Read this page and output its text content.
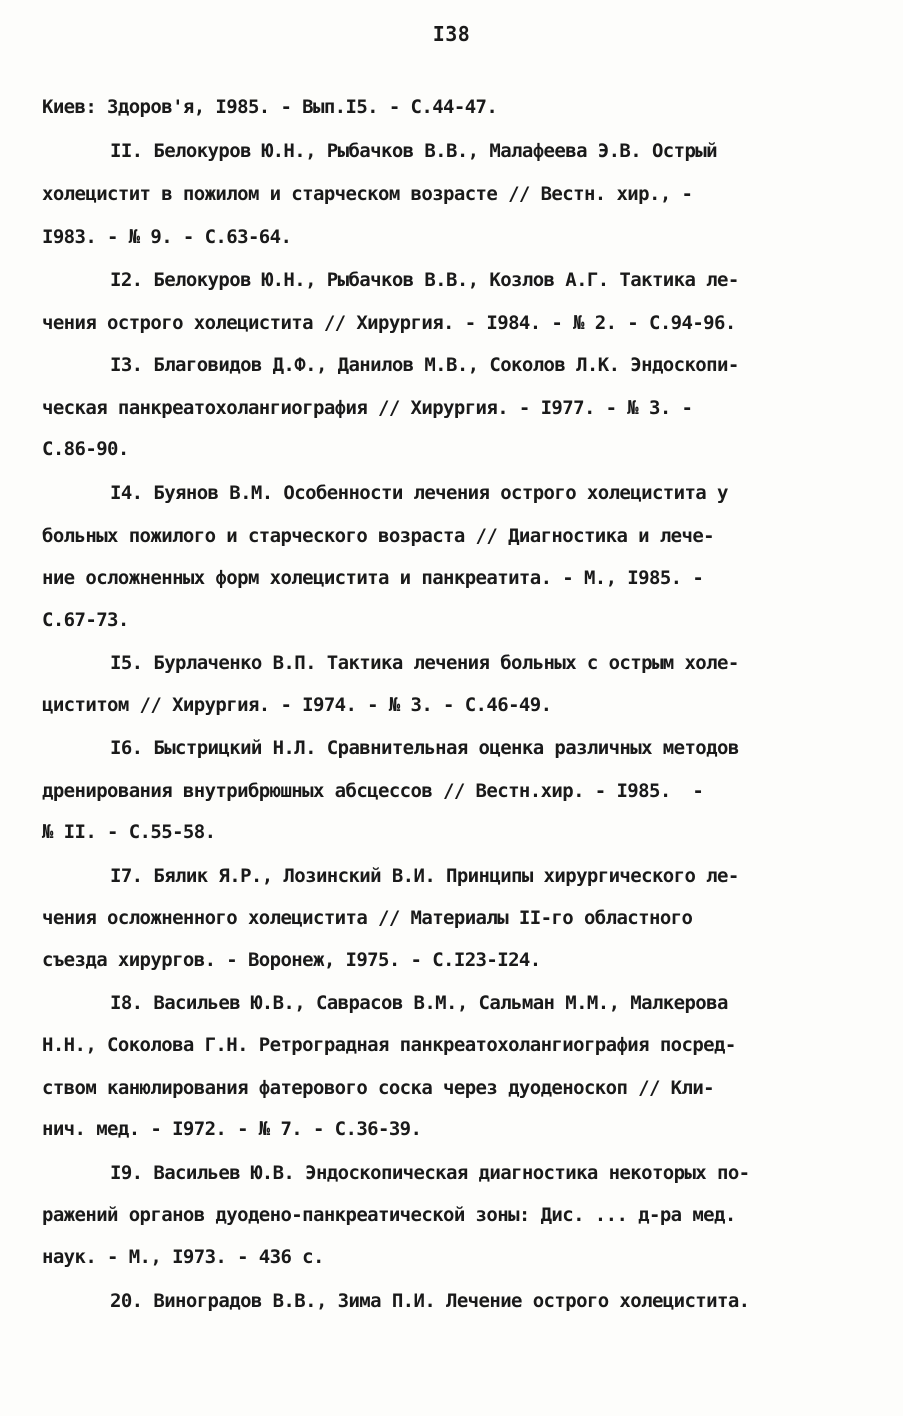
I38
Киев: Здоров'я, I985. - Вып.I5. - С.44-47.
II. Белокуров Ю.Н., Рыбачков В.В., Малафеева Э.В. Острый
холецистит в пожилом и старческом возрасте // Вестн. хир., -
I983. - № 9. - С.63-64.
I2. Белокуров Ю.Н., Рыбачков В.В., Козлов А.Г. Тактика ле-
чения острого холецистита // Хирургия. - I984. - № 2. - С.94-96.
I3. Благовидов Д.Ф., Данилов М.В., Соколов Л.К. Эндоскопи-
ческая панкреатохолангиография // Хирургия. - I977. - № 3. -
С.86-90.
I4. Буянов В.М. Особенности лечения острого холецистита у
больных пожилого и старческого возраста // Диагностика и лече-
ние осложненных форм холецистита и панкреатита. - М., I985. -
С.67-73.
I5. Бурлаченко В.П. Тактика лечения больных с острым холе-
циститом // Хирургия. - I974. - № 3. - С.46-49.
I6. Быстрицкий Н.Л. Сравнительная оценка различных методов
дренирования внутрибрюшных абсцессов // Вестн.хир. - I985.  -
№ II. - С.55-58.
I7. Бялик Я.Р., Лозинский В.И. Принципы хирургического ле-
чения осложненного холецистита // Материалы II-го областного
съезда хирургов. - Воронеж, I975. - С.I23-I24.
I8. Васильев Ю.В., Саврасов В.М., Сальман М.М., Малкерова
Н.Н., Соколова Г.Н. Ретроградная панкреатохолангиография посред-
ством канюлирования фатерового соска через дуоденоскоп // Кли-
нич. мед. - I972. - № 7. - С.36-39.
I9. Васильев Ю.В. Эндоскопическая диагностика некоторых по-
ражений органов дуодено-панкреатической зоны: Дис. ... д-ра мед.
наук. - М., I973. - 436 с.
20. Виноградов В.В., Зима П.И. Лечение острого холецистита.
